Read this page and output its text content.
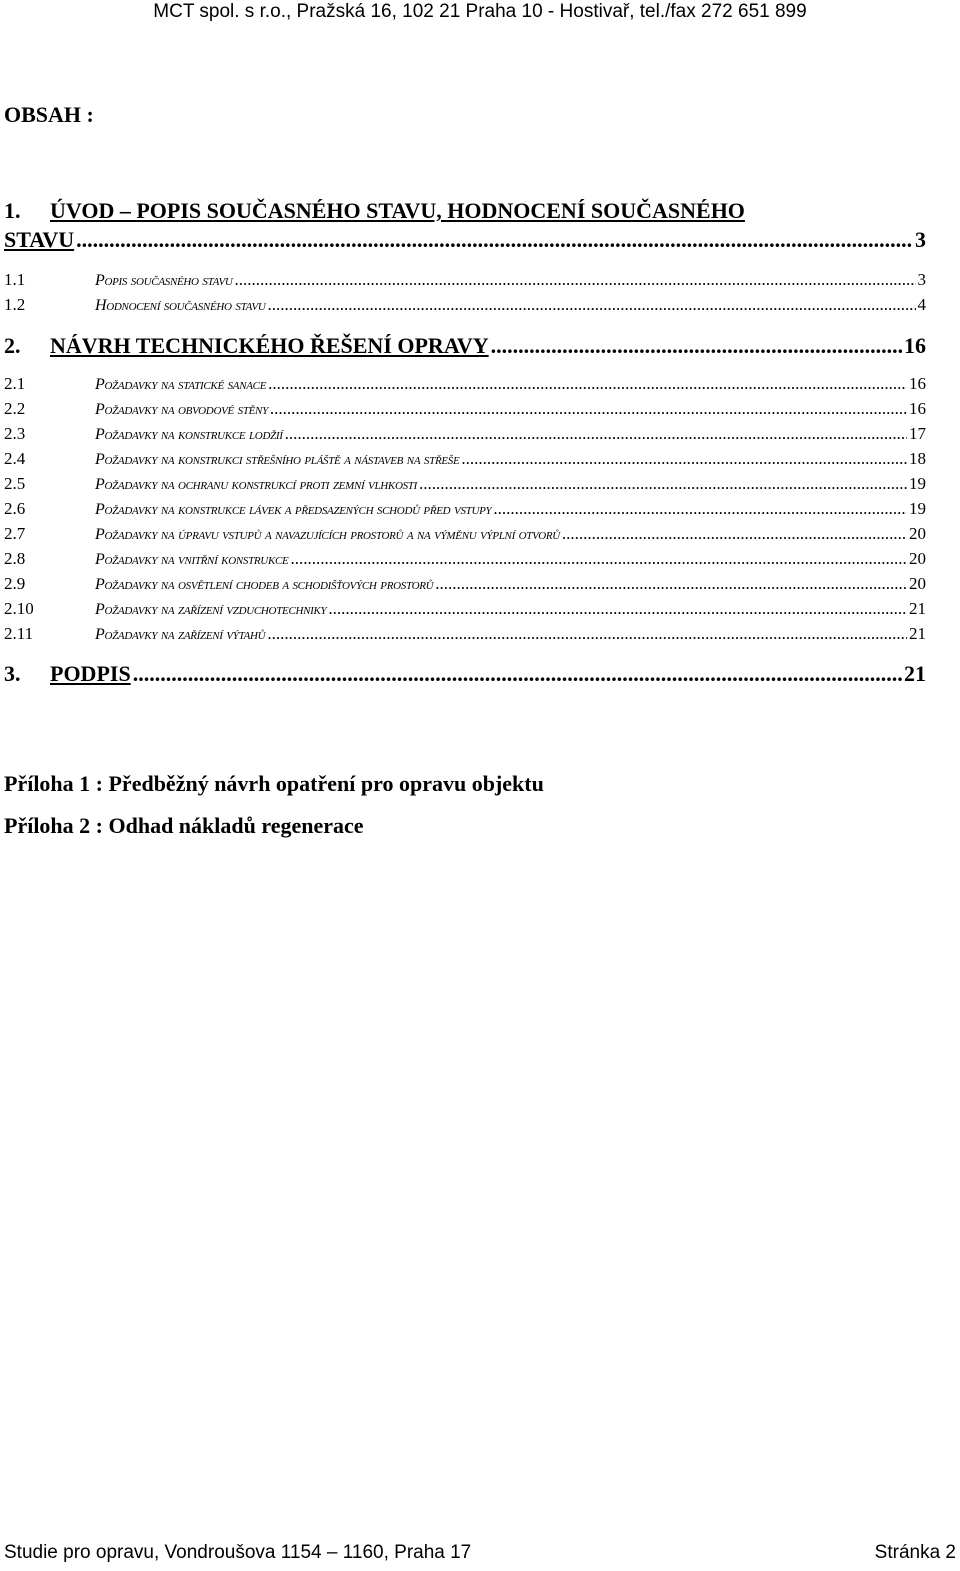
MCT spol. s r.o., Pražská 16, 102 21 Praha 10 - Hostivař, tel./fax 272 651 899
OBSAH :
1. ÚVOD – POPIS SOUČASNÉHO STAVU, HODNOCENÍ SOUČASNÉHO
STAVU .....	3
1.1	Popis současného stavu .....	3
1.2	Hodnocení současného stavu .....	4
2.	NÁVRH TECHNICKÉHO ŘEŠENÍ OPRAVY .....	16
2.1	Požadavky na statické sanace .....	16
2.2	Požadavky na obvodové stěny .....	16
2.3	Požadavky na konstrukce lodžií .....	17
2.4	Požadavky na konstrukci střešního pláště a nástaveb na střeše .....	18
2.5	Požadavky na ochranu konstrukcí proti zemní vlhkosti .....	19
2.6	Požadavky na konstrukce lávek a předsazených schodů před vstupy .....	19
2.7	Požadavky na úpravu vstupů a navazujících prostorů a na výměnu výplní otvorů .....	20
2.8	Požadavky na vnitřní konstrukce .....	20
2.9	Požadavky na osvětlení chodeb a schodišťových prostorů .....	20
2.10	Požadavky na zařízení vzduchotechniky .....	21
2.11	Požadavky na zařízení výtahů .....	21
3.	PODPIS .....	21
Příloha 1 : Předběžný návrh opatření pro opravu objektu
Příloha 2 : Odhad nákladů regenerace
Studie pro opravu, Vondroušova 1154 – 1160, Praha 17	Stránka 2
